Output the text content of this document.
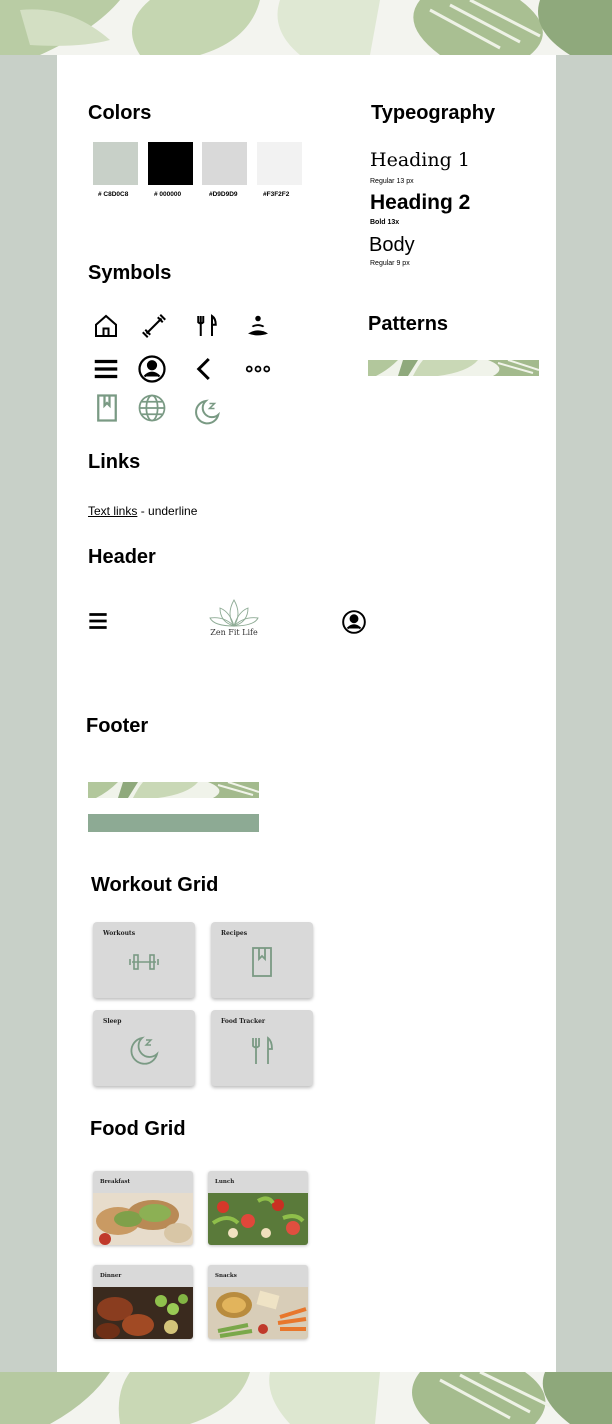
Colors
# C8D0C8	# 000000	#D9D9D9	#F3F2F2
Typeography
Heading 1
Regular 13 px
Heading 2
Bold 13x
Body
Regular 9 px
Symbols
Patterns
Links
Text links - underline
Header
Zen Fit Life
Footer
Workout Grid
Workouts	Recipes
Sleep	Food Tracker
Food Grid
Breakfast	Lunch
Dinner	Snacks
